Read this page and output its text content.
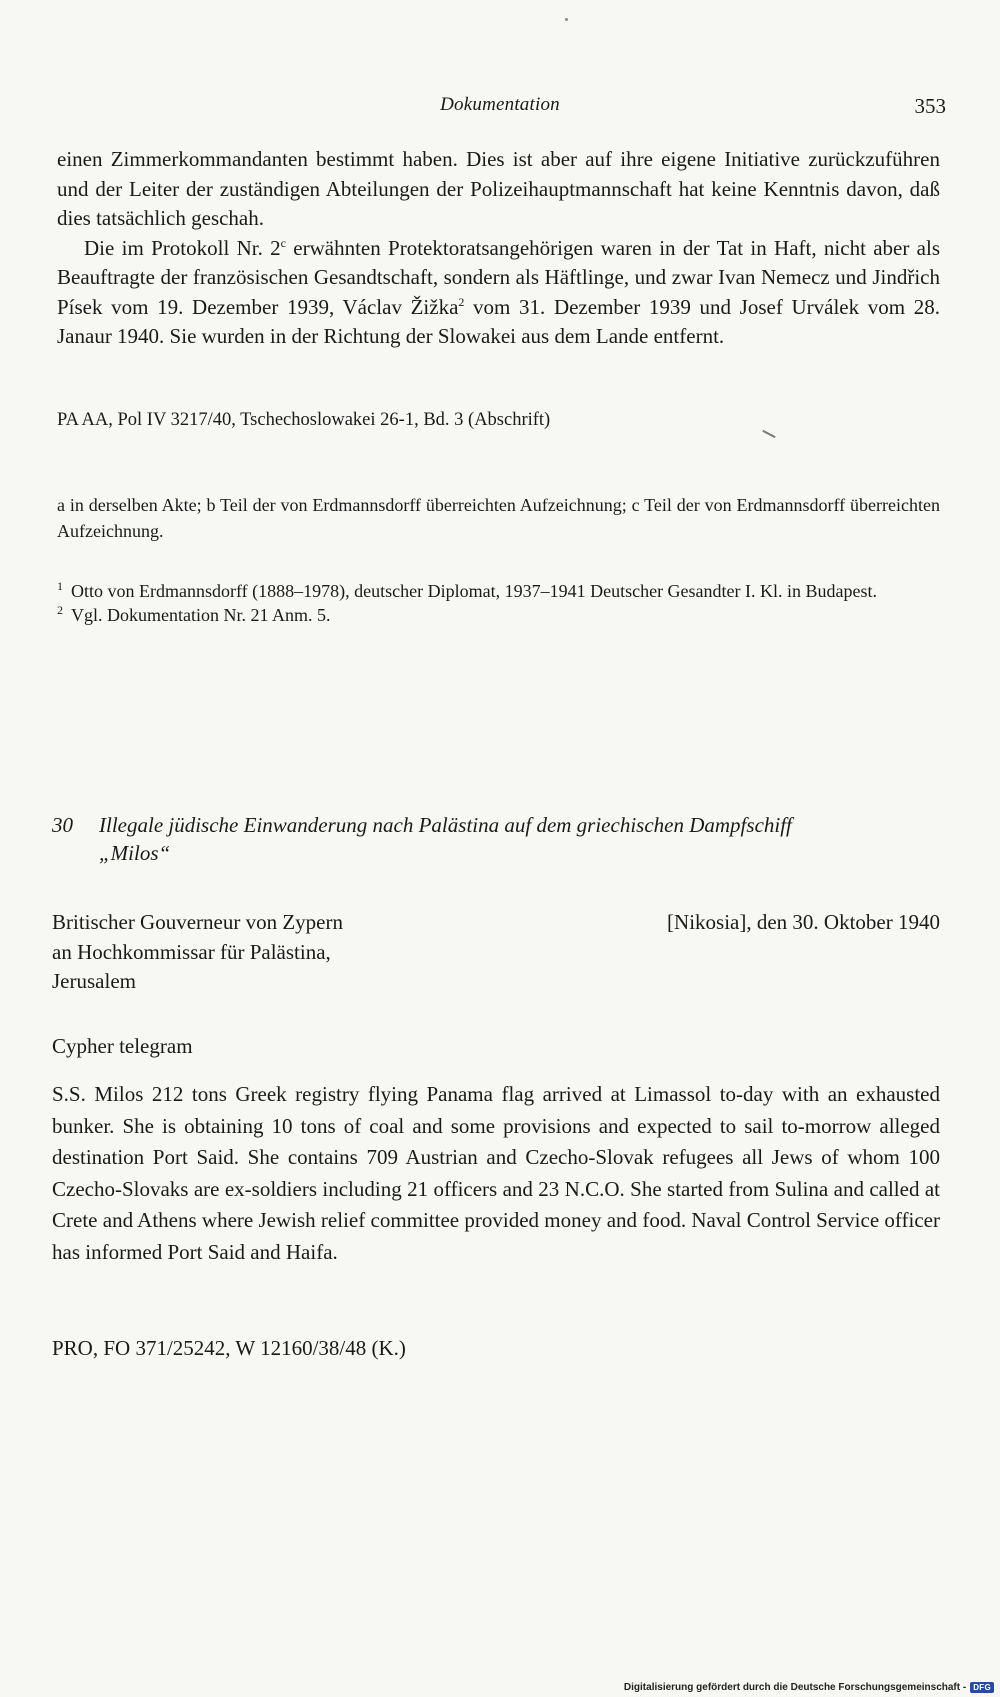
Dokumentation	353

einen Zimmerkommandanten bestimmt haben. Dies ist aber auf ihre eigene Initiative zurückzuführen und der Leiter der zuständigen Abteilungen der Polizeihauptmannschaft hat keine Kenntnis davon, daß dies tatsächlich geschah.

Die im Protokoll Nr. 2$^c$ erwähnten Protektoratsangehörigen waren in der Tat in Haft, nicht aber als Beauftragte der französischen Gesandtschaft, sondern als Häftlinge, und zwar Ivan Nemecz und Jindřich Písek vom 19. Dezember 1939, Václav Žižka$^2$ vom 31. Dezember 1939 und Josef Urválek vom 28. Janaur 1940. Sie wurden in der Richtung der Slowakei aus dem Lande entfernt.

PA AA, Pol IV 3217/40, Tschechoslowakei 26-1, Bd. 3 (Abschrift)
a in derselben Akte; b Teil der von Erdmannsdorff überreichten Aufzeichnung; c Teil der von Erdmannsdorff überreichten Aufzeichnung.
1 Otto von Erdmannsdorff (1888–1978), deutscher Diplomat, 1937–1941 Deutscher Gesandter I. Kl. in Budapest.
2 Vgl. Dokumentation Nr. 21 Anm. 5.
30 Illegale jüdische Einwanderung nach Palästina auf dem griechischen Dampfschiff
„Milos“
Britischer Gouverneur von Zypern
an Hochkommissar für Palästina,
Jerusalem
[Nikosia], den 30. Oktober 1940
Cypher telegram
S.S. Milos 212 tons Greek registry flying Panama flag arrived at Limassol to-day with an exhausted bunker. She is obtaining 10 tons of coal and some provisions and expected to sail to-morrow alleged destination Port Said. She contains 709 Austrian and Czecho-Slovak refugees all Jews of whom 100 Czecho-Slovaks are ex-soldiers including 21 officers and 23 N.C.O. She started from Sulina and called at Crete and Athens where Jewish relief committee provided money and food. Naval Control Service officer has informed Port Said and Haifa.
PRO, FO 371/25242, W 12160/38/48 (K.)
Digitalisierung gefördert durch die Deutsche Forschungsgemeinschaft - DFG
